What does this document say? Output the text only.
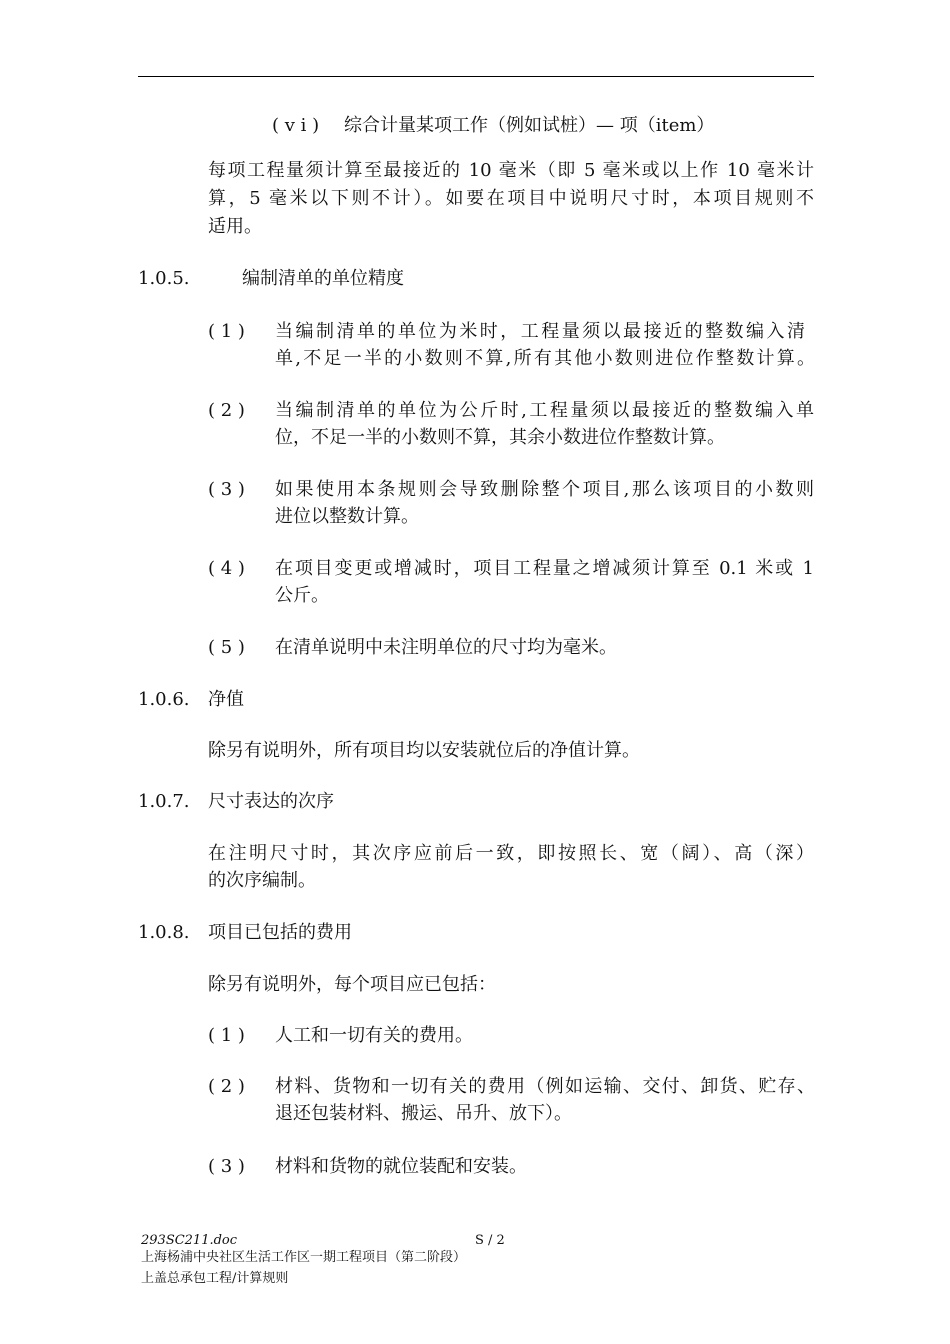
( v i ) 综合计量某项工作（例如试桩）— 项（item）
每项工程量须计算至最接近的 10 毫米（即 5 毫米或以上作 10 毫米计
算，5 毫米以下则不计）。如要在项目中说明尺寸时，本项目规则不
适用。
1.0.5.	编制清单的单位精度
( 1 ) 当编制清单的单位为米时，工程量须以最接近的整数编入清
单,不足一半的小数则不算,所有其他小数则进位作整数计算。
( 2 ) 当编制清单的单位为公斤时,工程量须以最接近的整数编入单
位，不足一半的小数则不算，其余小数进位作整数计算。
( 3 ) 如果使用本条规则会导致删除整个项目,那么该项目的小数则
进位以整数计算。
( 4 ) 在项目变更或增减时，项目工程量之增减须计算至 0.1 米或 1
公斤。
( 5 ) 在清单说明中未注明单位的尺寸均为毫米。
1.0.6. 净值
除另有说明外，所有项目均以安装就位后的净值计算。
1.0.7. 尺寸表达的次序
在注明尺寸时，其次序应前后一致，即按照长、宽（阔）、高（深）
的次序编制。
1.0.8. 项目已包括的费用
除另有说明外，每个项目应已包括：
( 1 ) 人工和一切有关的费用。
( 2 ) 材料、货物和一切有关的费用（例如运输、交付、卸货、贮存、
退还包装材料、搬运、吊升、放下）。
( 3 ) 材料和货物的就位装配和安装。
293SC211.doc	S / 2
上海杨浦中央社区生活工作区一期工程项目（第二阶段）
上盖总承包工程/计算规则
